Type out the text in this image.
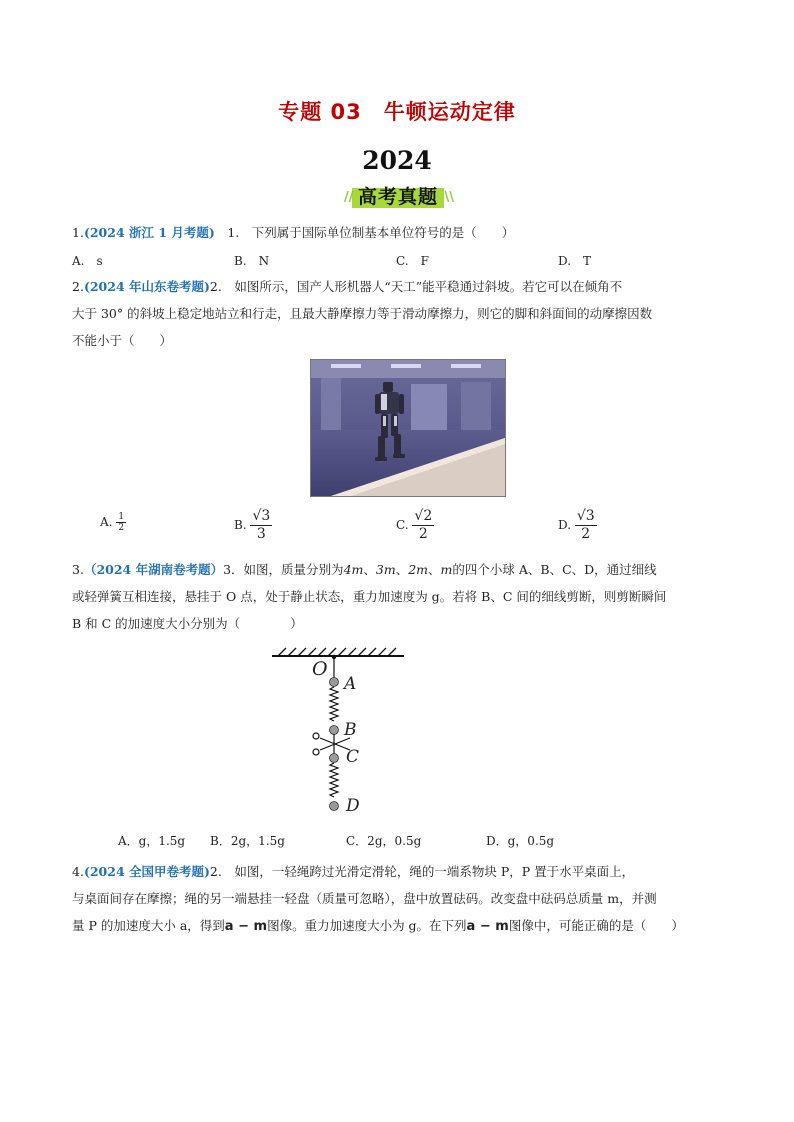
专题 03　牛顿运动定律
2024
// 高考真题 \\
1.(2024 浙江 1 月考题)　1.　下列属于国际单位制基本单位符号的是（　　）
A.　s	B.　N	C.　F	D.　T
2.(2024 年山东卷考题)2.　如图所示，国产人形机器人“天工”能平稳通过斜坡。若它可以在倾角不
大于 30° 的斜坡上稳定地站立和行走，且最大静摩擦力等于滑动摩擦力，则它的脚和斜面间的动摩擦因数
不能小于（　　）
A. $\frac{1}{2}$	B. $\frac{√3}{3}$	C. $\frac{√2}{2}$	D. $\frac{√3}{2}$
3.（2024 年湖南卷考题）3．如图，质量分别为4m、3m、2m、m的四个小球 A、B、C、D，通过细线
或轻弹簧互相连接，悬挂于 O 点，处于静止状态，重力加速度为 g。若将 B、C 间的细线剪断，则剪断瞬间
B 和 C 的加速度大小分别为（　　　　）
O
A
B
C
D
A．g，1.5g B．2g，1.5g	C．2g，0.5g	D．g，0.5g
4.(2024 全国甲卷考题)2.　如图，一轻绳跨过光滑定滑轮，绳的一端系物块 P，P 置于水平桌面上，
与桌面间存在摩擦；绳的另一端悬挂一轻盘（质量可忽略），盘中放置砝码。改变盘中砝码总质量 m，并测
量 P 的加速度大小 a，得到a − m图像。重力加速度大小为 g。在下列a − m图像中，可能正确的是（　　）
